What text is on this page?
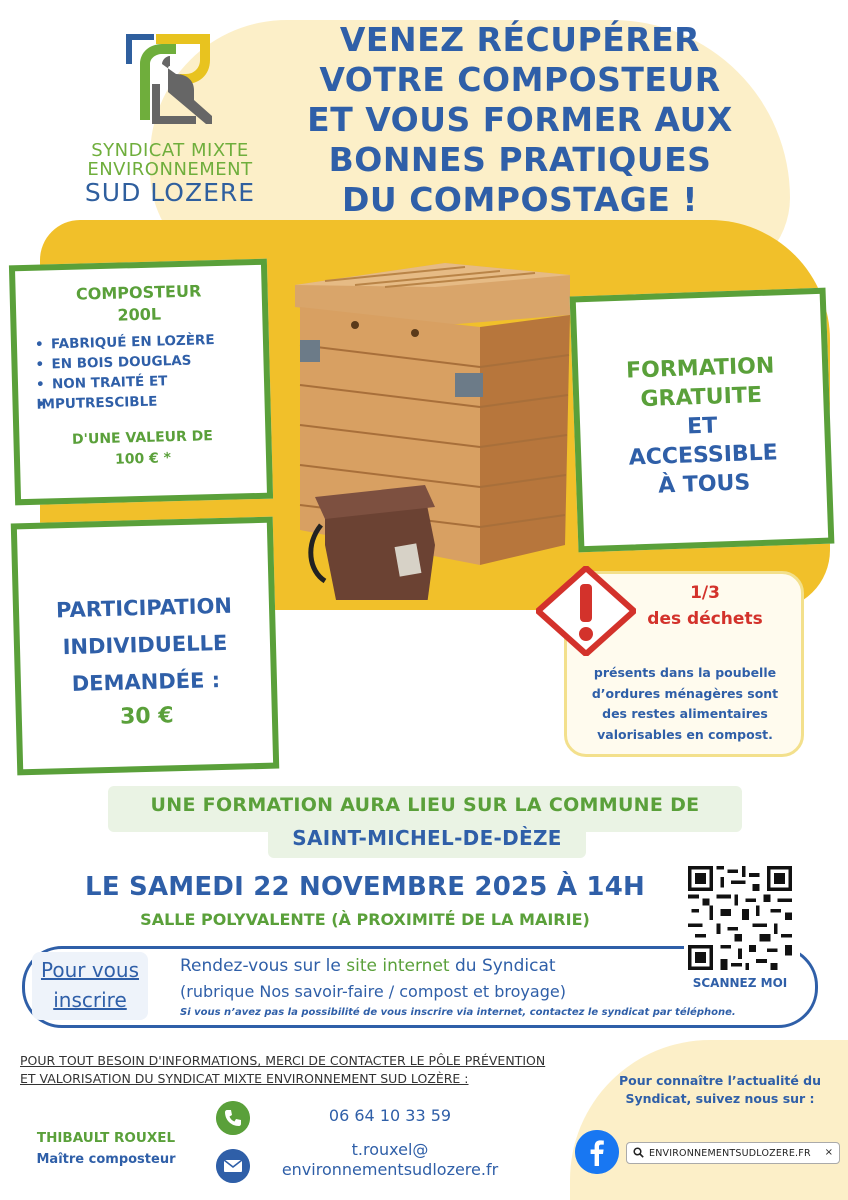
SYNDICAT MIXTE
ENVIRONNEMENT
SUD LOZERE
VENEZ RÉCUPÉRER
VOTRE COMPOSTEUR
ET VOUS FORMER AUX
BONNES PRATIQUES
DU COMPOSTAGE !
COMPOSTEUR
200L
• FABRIQUÉ EN LOZÈRE
• EN BOIS DOUGLAS
• NON TRAITÉ ET
• IMPUTRESCIBLE
D'UNE VALEUR DE
100 € *
FORMATION
GRATUITE
ET
ACCESSIBLE
À TOUS
PARTICIPATION
INDIVIDUELLE
DEMANDÉE :
30 €
1/3
des déchets
présents dans la poubelle
d’ordures ménagères sont
des restes alimentaires
valorisables en compost.
UNE FORMATION AURA LIEU SUR LA COMMUNE DE
SAINT-MICHEL-DE-DÈZE
LE SAMEDI 22 NOVEMBRE 2025 À 14H
SALLE POLYVALENTE (À PROXIMITÉ DE LA MAIRIE)
SCANNEZ MOI
Pour vous
inscrire
Rendez-vous sur le site internet du Syndicat
(rubrique Nos savoir-faire / compost et broyage)
Si vous n’avez pas la possibilité de vous inscrire via internet, contactez le syndicat par téléphone.
POUR TOUT BESOIN D'INFORMATIONS, MERCI DE CONTACTER LE PÔLE PRÉVENTION
ET VALORISATION DU SYNDICAT MIXTE ENVIRONNEMENT SUD LOZÈRE :
THIBAULT ROUXEL
Maître composteur
06 64 10 33 59
t.rouxel@
environnementsudlozere.fr
Pour connaître l’actualité du
Syndicat, suivez nous sur :
ENVIRONNEMENTSUDLOZERE.FR ×
